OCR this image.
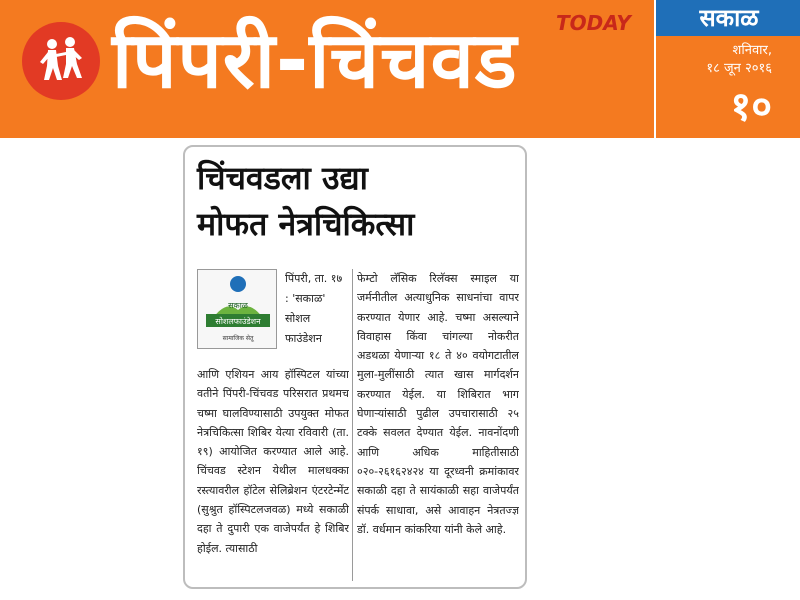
पिंपरी-चिंचवड	TODAY	सकाळ
शनिवार,
१८ जून २०१६
१०
चिंचवडला उद्या
मोफत नेत्रचिकित्सा
सकाळ
सोशलफाउंडेशन
सामाजिक सेतू
पिंपरी, ता. १७ : 'सकाळ' सोशल फाउंडेशन
आणि एशियन आय हॉस्पिटल यांच्या वतीने पिंपरी-चिंचवड परिसरात प्रथमच चष्मा घालविण्यासाठी उपयुक्त मोफत नेत्रचिकित्सा शिबिर येत्या रविवारी (ता. १९) आयोजित करण्यात आले आहे. चिंचवड स्टेशन येथील मालधक्का रस्त्यावरील हॉटेल सेलिब्रेशन एंटरटेन्मेंट (सुश्रुत हॉस्पिटलजवळ) मध्ये सकाळी दहा ते दुपारी एक वाजेपर्यंत हे शिबिर होईल. त्यासाठी
फेम्टो लॅसिक रिलॅक्स स्माइल या जर्मनीतील अत्याधुनिक साधनांचा वापर करण्यात येणार आहे. चष्मा असल्याने विवाहास किंवा चांगल्या नोकरीत अडथळा येणाऱ्या १८ ते ४० वयोगटातील मुला-मुलींसाठी त्यात खास मार्गदर्शन करण्यात येईल. या शिबिरात भाग घेणाऱ्यांसाठी पुढील उपचारासाठी २५ टक्के सवलत देण्यात येईल. नावनोंदणी आणि अधिक माहितीसाठी ०२०-२६१६२४२४ या दूरध्वनी क्रमांकावर सकाळी दहा ते सायंकाळी सहा वाजेपर्यंत संपर्क साधावा, असे आवाहन नेत्रतज्ज्ञ डॉ. वर्धमान कांकरिया यांनी केले आहे.
